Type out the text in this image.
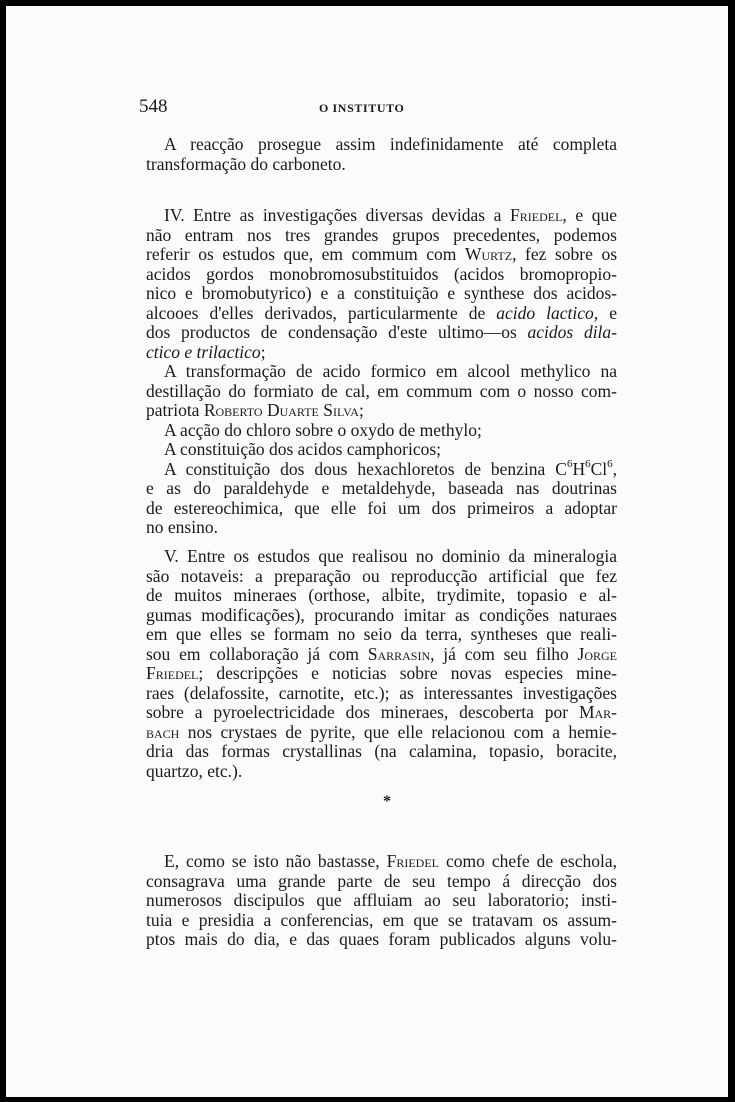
548	O INSTITUTO
A reacção prosegue assim indefinidamente até completa
transformação do carboneto.
IV. Entre as investigações diversas devidas a Friedel, e que
não entram nos tres grandes grupos precedentes, podemos
referir os estudos que, em commum com Wurtz, fez sobre os
acidos gordos monobromosubstituidos (acidos bromopropio-
nico e bromobutyrico) e a constituição e synthese dos acidos-
alcooes d'elles derivados, particularmente de acido lactico, e
dos productos de condensação d'este ultimo—os acidos dila-
ctico e trilactico;
A transformação de acido formico em alcool methylico na
destillação do formiato de cal, em commum com o nosso com-
patriota Roberto Duarte Silva;
A acção do chloro sobre o oxydo de methylo;
A constituição dos acidos camphoricos;
A constituição dos dous hexachloretos de benzina $C^6H^6Cl^6$,
e as do paraldehyde e metaldehyde, baseada nas doutrinas
de estereochimica, que elle foi um dos primeiros a adoptar
no ensino.
V. Entre os estudos que realisou no dominio da mineralogia
são notaveis: a preparação ou reproducção artificial que fez
de muitos mineraes (orthose, albite, trydimite, topasio e al-
gumas modificações), procurando imitar as condições naturaes
em que elles se formam no seio da terra, syntheses que reali-
sou em collaboração já com Sarrasin, já com seu filho Jorge
Friedel; descripções e noticias sobre novas especies mine-
raes (delafossite, carnotite, etc.); as interessantes investigações
sobre a pyroelectricidade dos mineraes, descoberta por Mar-
bach nos crystaes de pyrite, que elle relacionou com a hemie-
dria das formas crystallinas (na calamina, topasio, boracite,
quartzo, etc.).
*
E, como se isto não bastasse, Friedel como chefe de eschola,
consagrava uma grande parte de seu tempo á direcção dos
numerosos discipulos que affluiam ao seu laboratorio; insti-
tuia e presidia a conferencias, em que se tratavam os assum-
ptos mais do dia, e das quaes foram publicados alguns volu-
